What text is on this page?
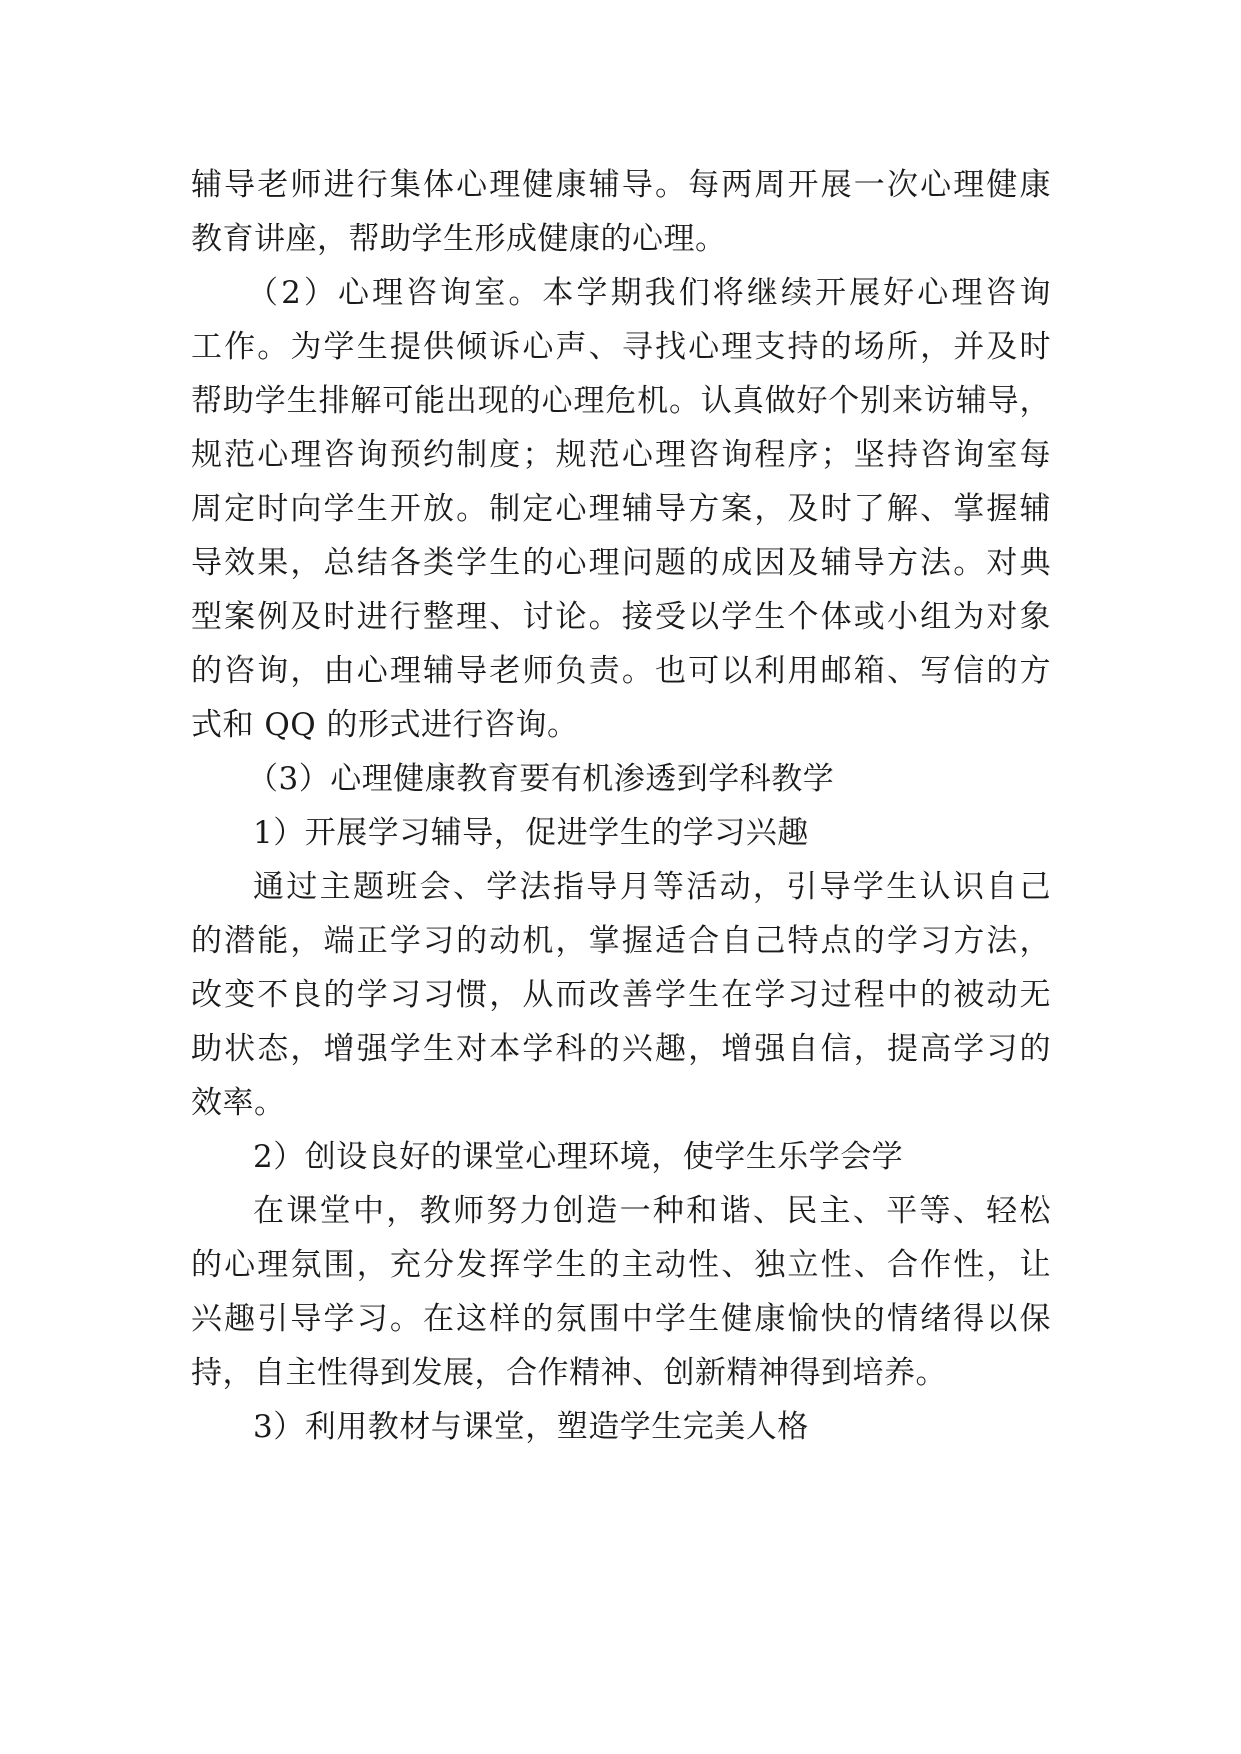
辅导老师进行集体心理健康辅导。每两周开展一次心理健康
教育讲座，帮助学生形成健康的心理。
（2）心理咨询室。本学期我们将继续开展好心理咨询
工作。为学生提供倾诉心声、寻找心理支持的场所，并及时
帮助学生排解可能出现的心理危机。认真做好个别来访辅导，
规范心理咨询预约制度；规范心理咨询程序；坚持咨询室每
周定时向学生开放。制定心理辅导方案，及时了解、掌握辅
导效果，总结各类学生的心理问题的成因及辅导方法。对典
型案例及时进行整理、讨论。接受以学生个体或小组为对象
的咨询，由心理辅导老师负责。也可以利用邮箱、写信的方
式和 QQ 的形式进行咨询。
（3）心理健康教育要有机渗透到学科教学
1）开展学习辅导，促进学生的学习兴趣
通过主题班会、学法指导月等活动，引导学生认识自己
的潜能，端正学习的动机，掌握适合自己特点的学习方法，
改变不良的学习习惯，从而改善学生在学习过程中的被动无
助状态，增强学生对本学科的兴趣，增强自信，提高学习的
效率。
2）创设良好的课堂心理环境，使学生乐学会学
在课堂中，教师努力创造一种和谐、民主、平等、轻松
的心理氛围，充分发挥学生的主动性、独立性、合作性，让
兴趣引导学习。在这样的氛围中学生健康愉快的情绪得以保
持，自主性得到发展，合作精神、创新精神得到培养。
3）利用教材与课堂，塑造学生完美人格
